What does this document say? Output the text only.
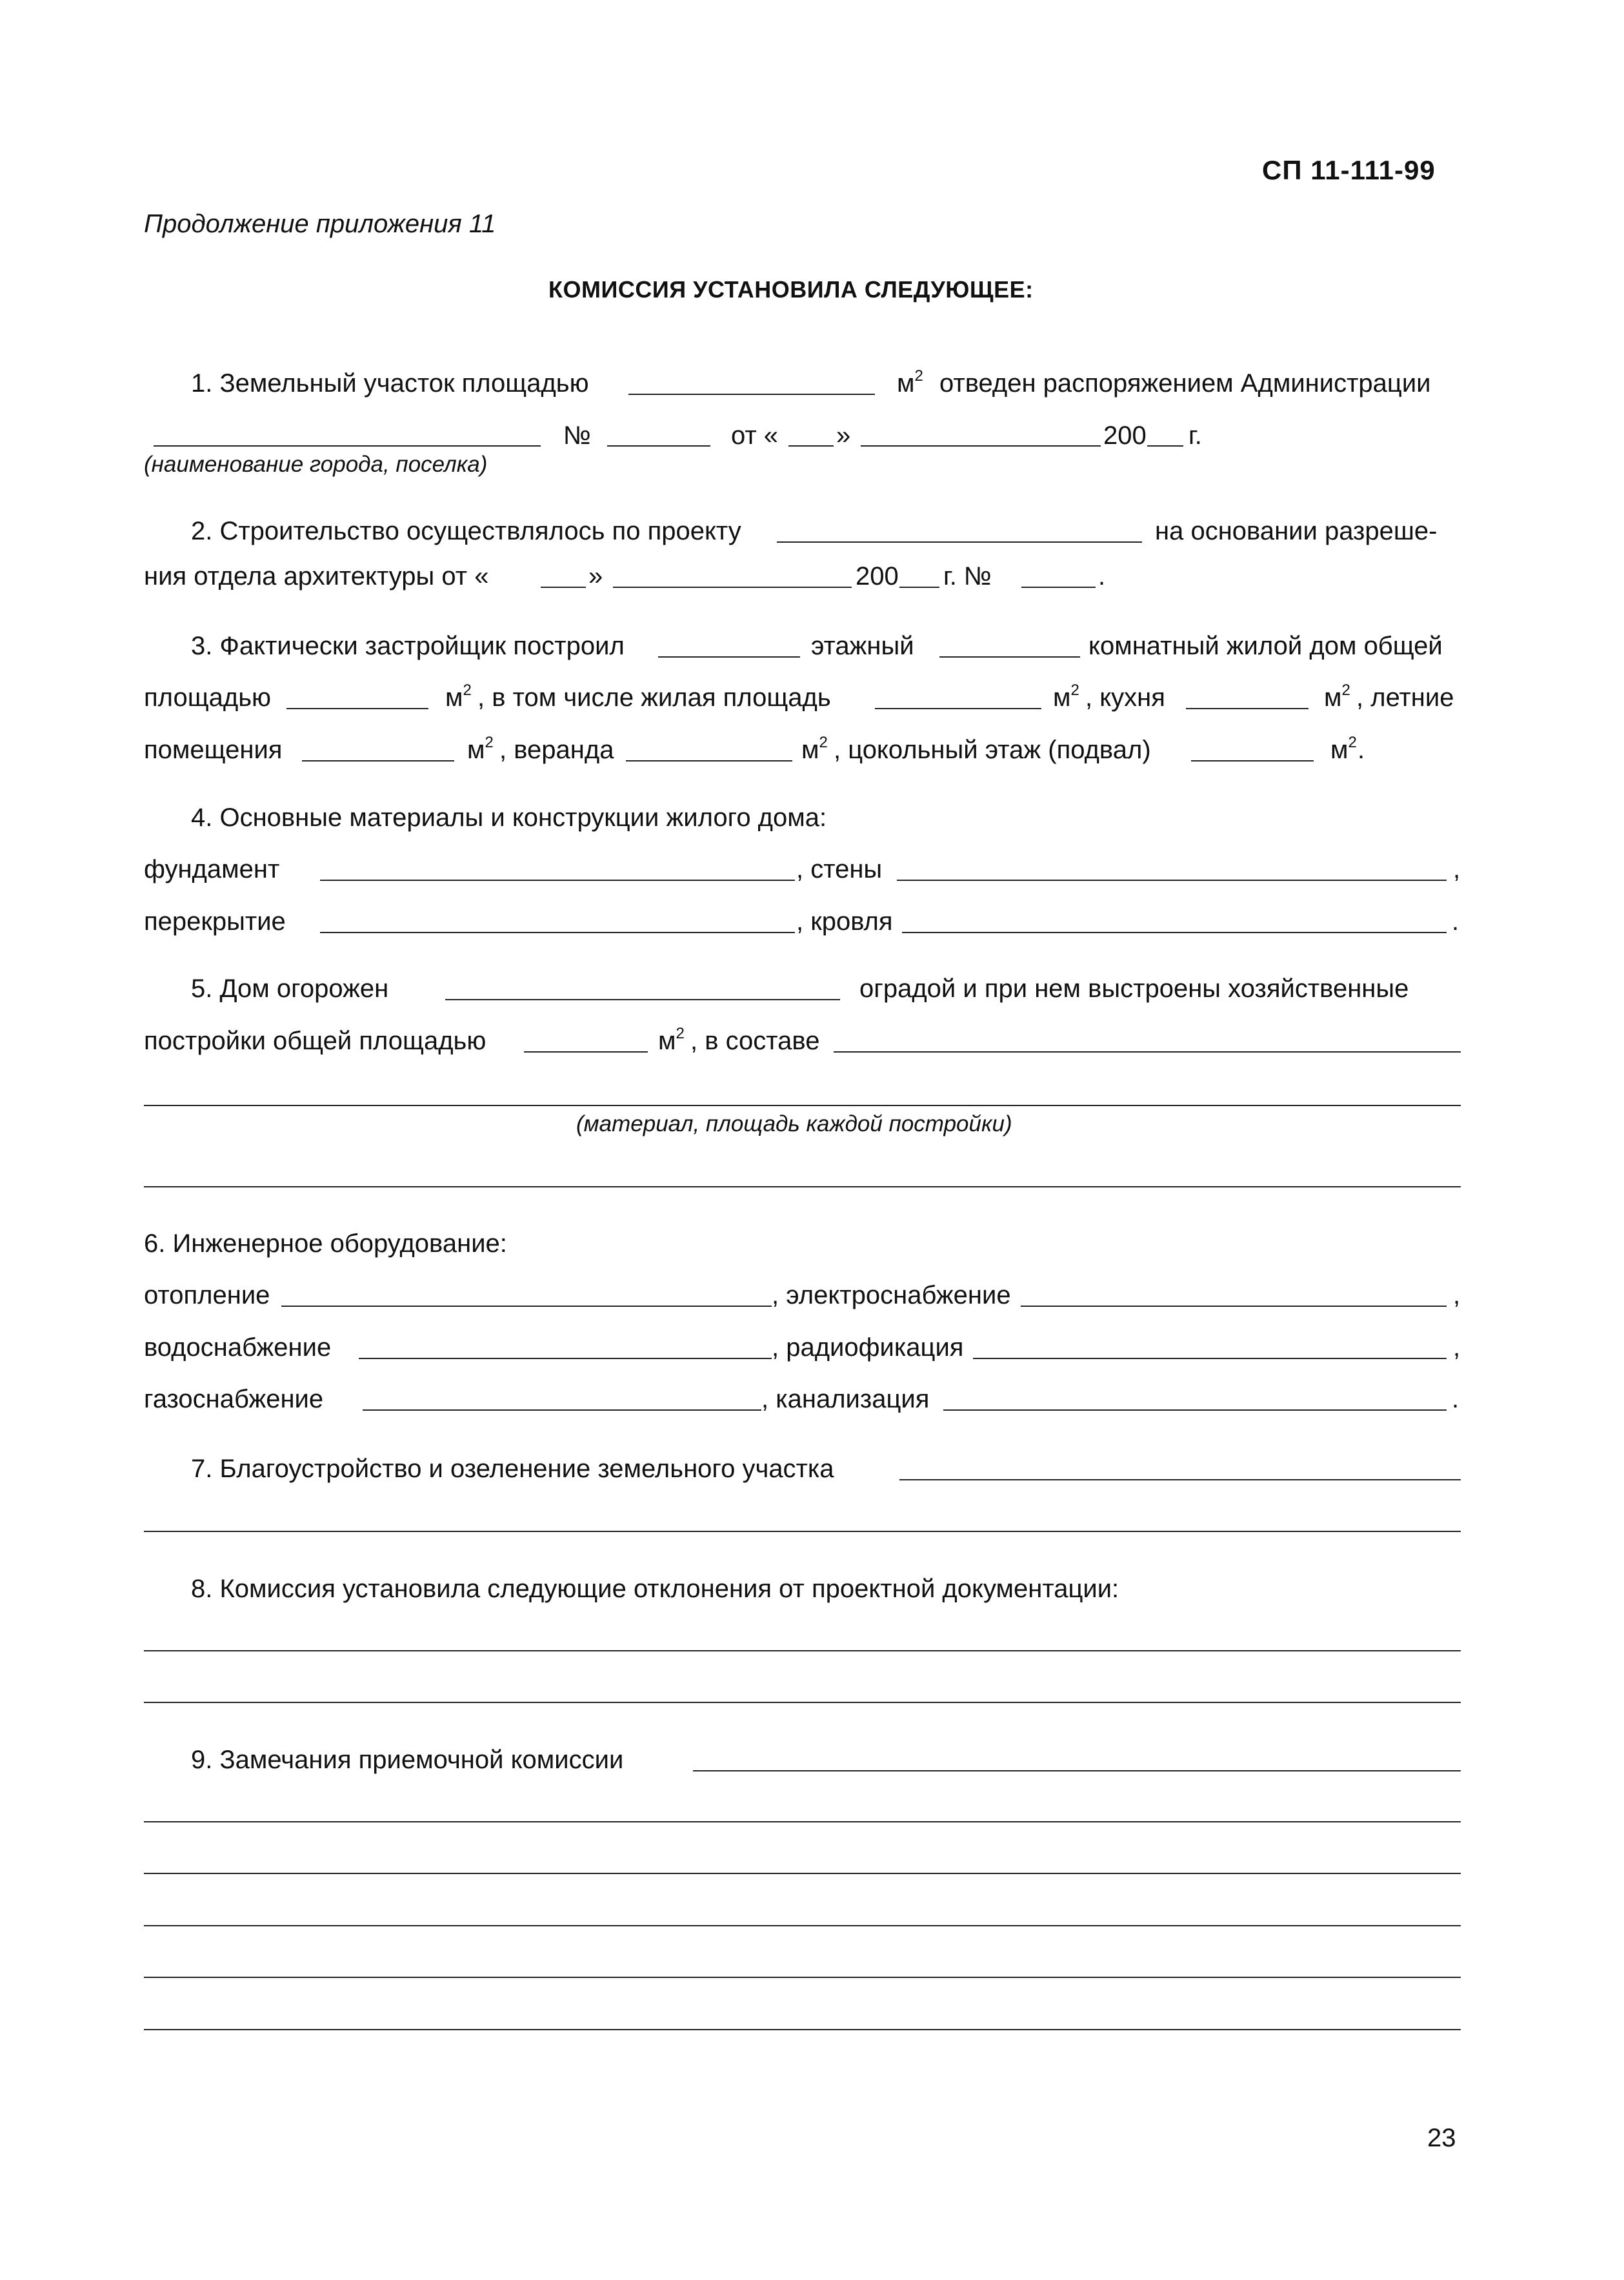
СП 11-111-99
Продолжение приложения 11
КОМИССИЯ УСТАНОВИЛА СЛЕДУЮЩЕЕ:
1. Земельный участок площадью	$м^2$ отведен распоряжением Администрации
№	от « »	200 г.
(наименование города, поселка)
2. Строительство осуществлялось по проекту	на основании разреше-
ния отдела архитектуры от «	»	200 г. №	.
3. Фактически застройщик построил	этажный	комнатный жилой дом общей
площадью	$м^2$ , в том числе жилая площадь	$м^2$ , кухня	$м^2$ , летние
помещения	$м^2$ , веранда	$м^2$ , цокольный этаж (подвал)	$м^2$ .
4. Основные материалы и конструкции жилого дома:
фундамент	, стены	,
перекрытие	, кровля	.
5. Дом огорожен	оградой и при нем выстроены хозяйственные
постройки общей площадью	$м^2$ , в составе
(материал, площадь каждой постройки)
6. Инженерное оборудование:
отопление	, электроснабжение	,
водоснабжение	, радиофикация	,
газоснабжение	, канализация	.
7. Благоустройство и озеленение земельного участка
8. Комиссия установила следующие отклонения от проектной документации:
9. Замечания приемочной комиссии
23
